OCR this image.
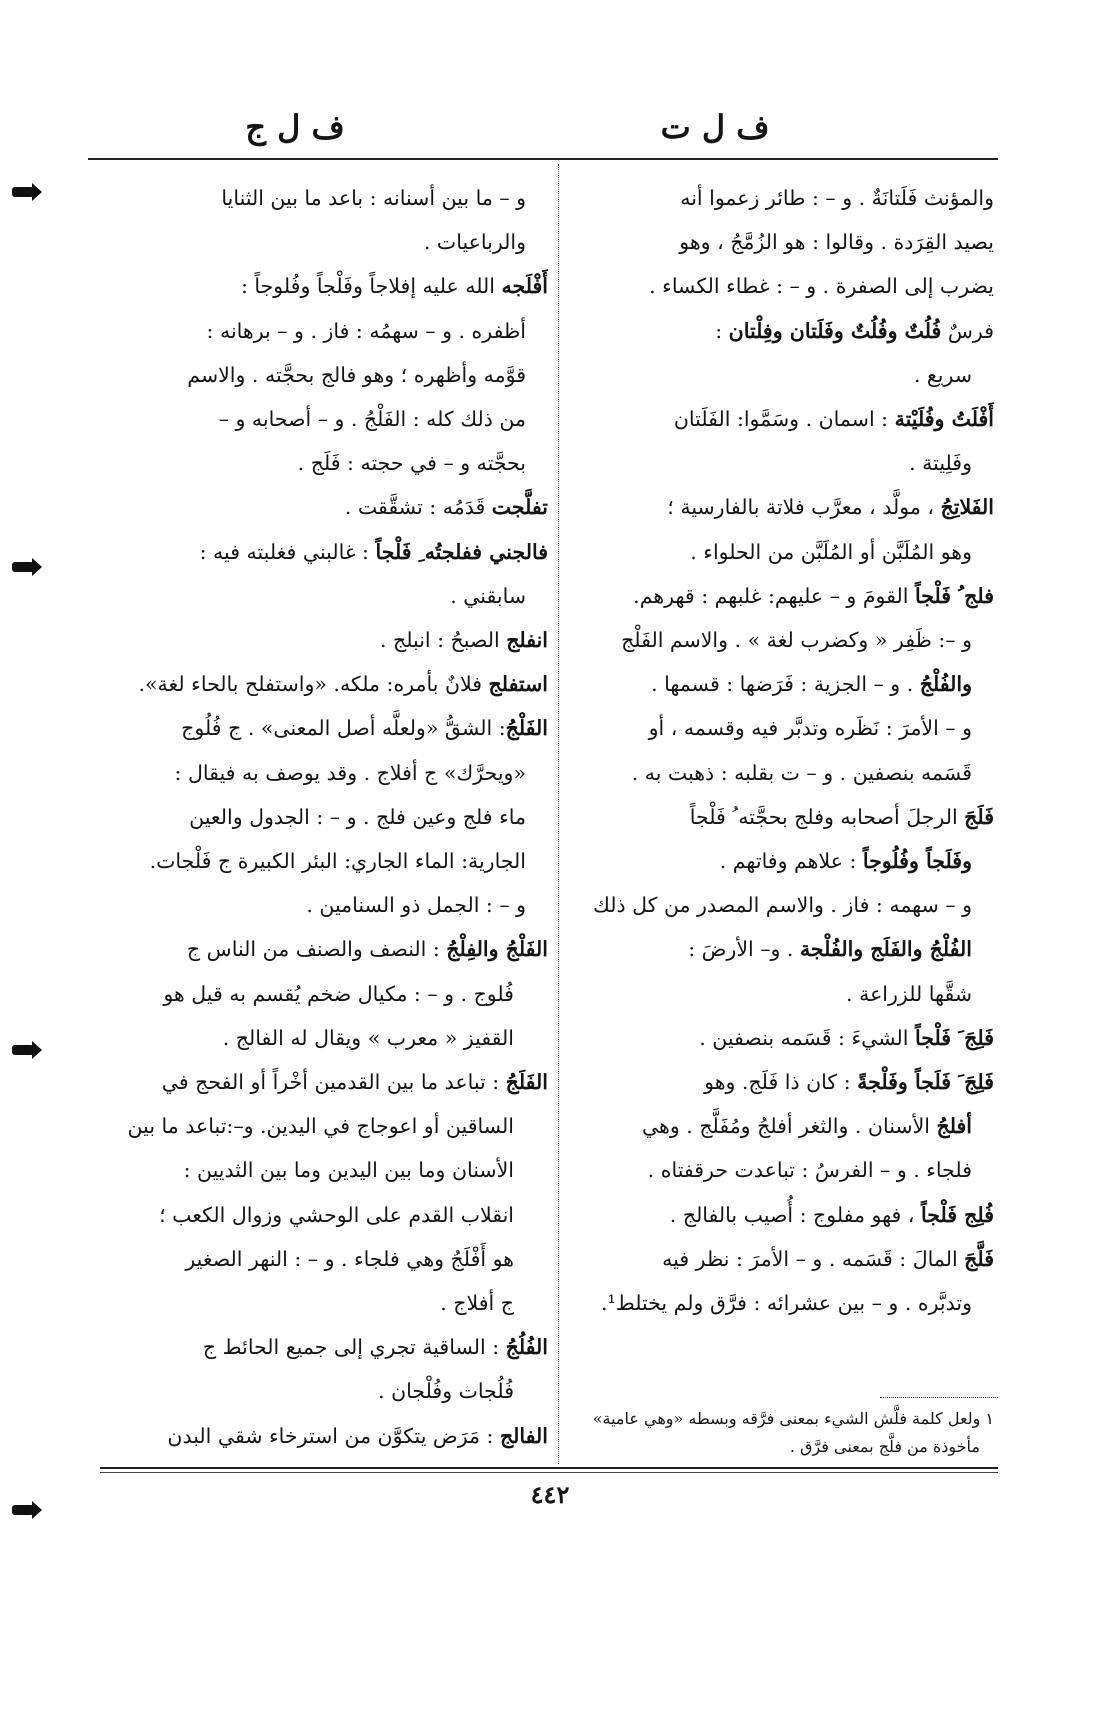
ف ل ت
ف ل ج
والمؤنث فَلَتانَةٌ . و – : طائر زعموا أنه
يصيد القِرَدة . وقالوا : هو الزُمَّجُ ، وهو
يضرب إلى الصفرة . و – : غطاء الكساء .
فرسٌ فُلُتٌ وفُلُتٌ وفَلَتان وفِلْتان :
سريع .
أَفْلَتُ وفُلَيْتة : اسمان . وسَمَّوا: الفَلَتان
وفَلِيتة .
الفَلاتِجُ ، مولَّد ، معرَّب فلاتة بالفارسية ؛
وهو المُلَبَّن أو المُلَبَّن من الحلواء .
فلج ُ فَلْجاً القومَ و – عليهم: غلبهم : قهرهم.
و –: ظَفِر « وكضرب لغة » . والاسم الفَلْج
والفُلْجُ . و – الجزية : فَرَضها : قسمها .
و – الأمرَ : نَظَره وتدبَّر فيه وقسمه ، أو
قَسَمه بنصفين . و – ت بقلبه : ذهبت به .
فَلَجَ الرجلَ أصحابه وفلج بحجَّته ُ فَلْجاً
وفَلَجاً وفُلُوجاً : علاهم وفاتهم .
و – سهمه : فاز . والاسم المصدر من كل ذلك
الفُلْجُ والفَلَج والفُلْجة . و– الأرضَ :
شقَّها للزراعة .
فَلِجَ َ فَلْجاً الشيءَ : قَسَمه بنصفين .
فَلِجَ َ فَلَجاً وفَلْجةً : كان ذا فَلَج. وهو
أفلجُ الأسنان . والثغر أفلجُ ومُفَلَّج . وهي
فلجاء . و – الفرسُ : تباعدت حرقفتاه .
فُلِج فَلْجاً ، فهو مفلوج : أُصيب بالفالج .
فَلَّجَ المالَ : قَسَمه . و – الأمرَ : نظر فيه
وتدبَّره . و – بين عشرائه : فرَّق ولم يختلط¹.
و – ما بين أسنانه : باعد ما بين الثنايا
والرباعيات .
أَفْلَجه الله عليه إفلاجاً وفَلْجاً وفُلوجاً :
أظفره . و – سهمُه : فاز . و – برهانه :
قوَّمه وأظهره ؛ وهو فالج بحجَّته . والاسم
من ذلك كله : الفَلْجُ . و – أصحابه و –
بحجَّته و – في حجته : فَلَج .
تفلَّجت قَدَمُه : تشقَّقت .
فالجني ففلجتُه ِ فَلْجاً : غالبني فغلبته فيه :
سابقني .
انفلج الصبحُ : انبلج .
استفلج فلانٌ بأمره: ملكه. «واستفلح بالحاء لغة».
الفَلْجُ: الشقُّ «ولعلَّه أصل المعنى» . ج فُلُوج
«ويحرَّك» ج أفلاج . وقد يوصف به فيقال :
ماء فلج وعين فلج . و – : الجدول والعين
الجارية: الماء الجاري: البئر الكبيرة ج فَلْجات.
و – : الجمل ذو السنامين .
الفَلْجُ والفِلْجُ : النصف والصنف من الناس ج
فُلوج . و – : مكيال ضخم يُقسم به قيل هو
القفيز « معرب » ويقال له الفالج .
الفَلَجُ : تباعد ما بين القدمين أخْراً أو الفحج في
الساقين أو اعوجاج في اليدين. و–:تباعد ما بين
الأسنان وما بين اليدين وما بين الثديين :
انقلاب القدم على الوحشي وزوال الكعب ؛
هو أَفْلَجُ وهي فلجاء . و – : النهر الصغير
ج أفلاج .
الفُلُجُ : الساقية تجري إلى جميع الحائط ج
فُلُجات وفُلْجان .
الفالج : مَرَض يتكوَّن من استرخاء شقي البدن
١ ولعل كلمة فلَّش الشيء بمعنى فرَّقه وبسطه «وهي عامية»
مأخوذة من فلَّج بمعنى فرَّق .
٤٤٢
